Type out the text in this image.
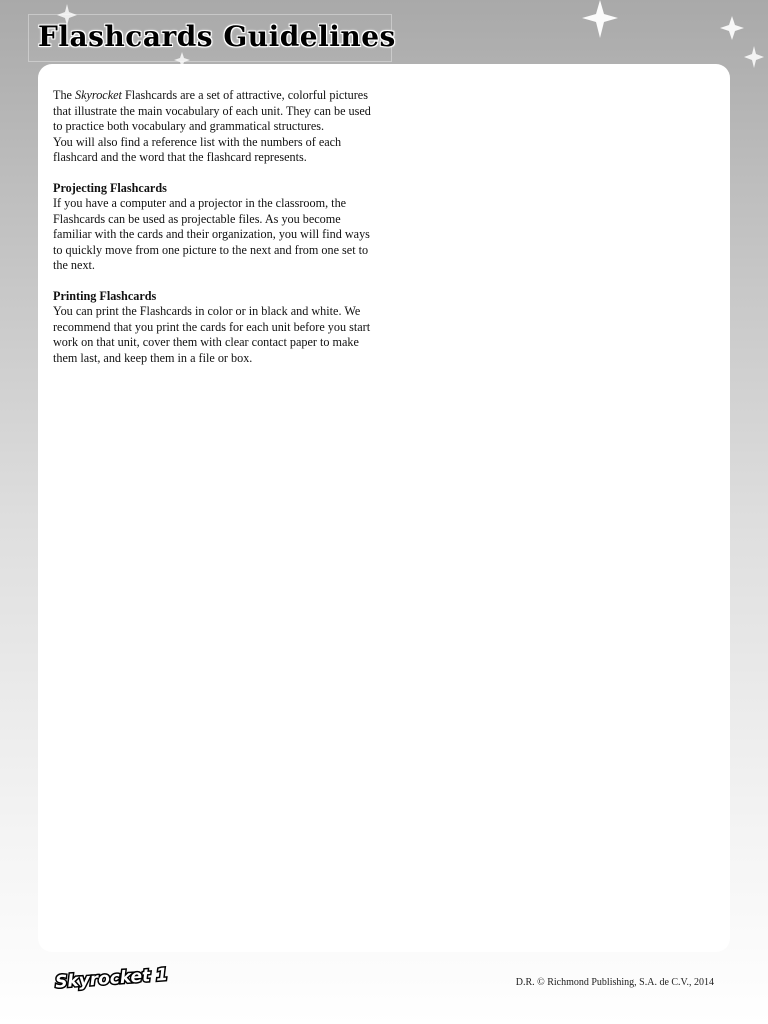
Flashcards Guidelines

The Skyrocket Flashcards are a set of attractive, colorful pictures that illustrate the main vocabulary of each unit. They can be used to practice both vocabulary and grammatical structures.

You will also find a reference list with the numbers of each flashcard and the word that the flashcard represents.

Projecting Flashcards

If you have a computer and a projector in the classroom, the Flashcards can be used as projectable files. As you become familiar with the cards and their organization, you will find ways to quickly move from one picture to the next and from one set to the next.

Printing Flashcards

You can print the Flashcards in color or in black and white. We recommend that you print the cards for each unit before you start work on that unit, cover them with clear contact paper to make them last, and keep them in a file or box.

Skyrocket 1	D.R. © Richmond Publishing, S.A. de C.V., 2014
